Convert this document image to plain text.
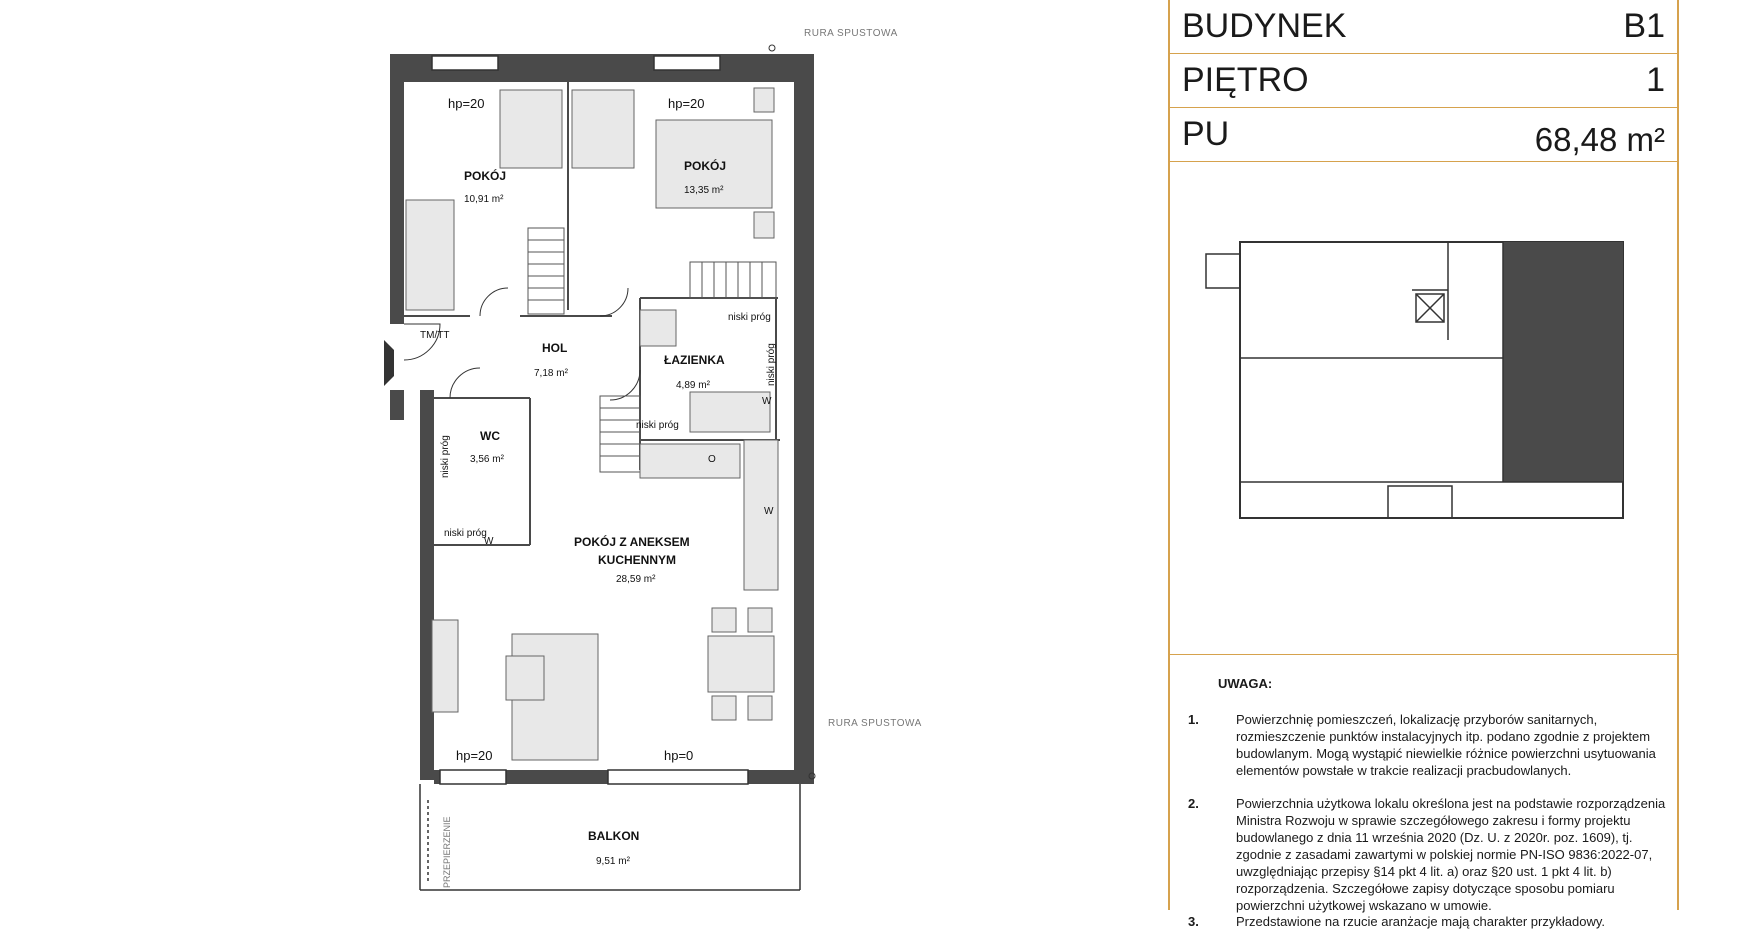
POKÓJ
10,91 m²
POKÓJ
13,35 m²
HOL
7,18 m²
ŁAZIENKA
4,89 m²
WC
3,56 m²
POKÓJ Z ANEKSEM
KUCHENNYM
28,59 m²
BALKON
9,51 m²
hp=20	hp=20
hp=20	hp=0
TM/TT
niski próg
niski próg
niski próg
niski próg
niski próg
W
W
W
O
RURA SPUSTOWA
RURA SPUSTOWA
PRZEPIERZENIE
BUDYNEK	B1
PIĘTRO	1
PU	68,48 m²
UWAGA:
1.	Powierzchnię pomieszczeń, lokalizację przyborów sanitarnych, rozmieszczenie punktów instalacyjnych itp. podano zgodnie z projektem budowlanym. Mogą wystąpić niewielkie różnice powierzchni usytuowania elementów powstałe w trakcie realizacji pracbudowlanych.
2.	Powierzchnia użytkowa lokalu określona jest na podstawie rozporządzenia Ministra Rozwoju w sprawie szczegółowego zakresu i formy projektu budowlanego z dnia 11 września 2020 (Dz. U. z 2020r. poz. 1609), tj. zgodnie z zasadami zawartymi w polskiej normie PN-ISO 9836:2022-07, uwzględniając przepisy §14 pkt 4 lit. a) oraz §20 ust. 1 pkt 4 lit. b) rozporządzenia. Szczegółowe zapisy dotyczące sposobu pomiaru powierzchni użytkowej wskazano w umowie.
3.	Przedstawione na rzucie aranżacje mają charakter przykładowy.
